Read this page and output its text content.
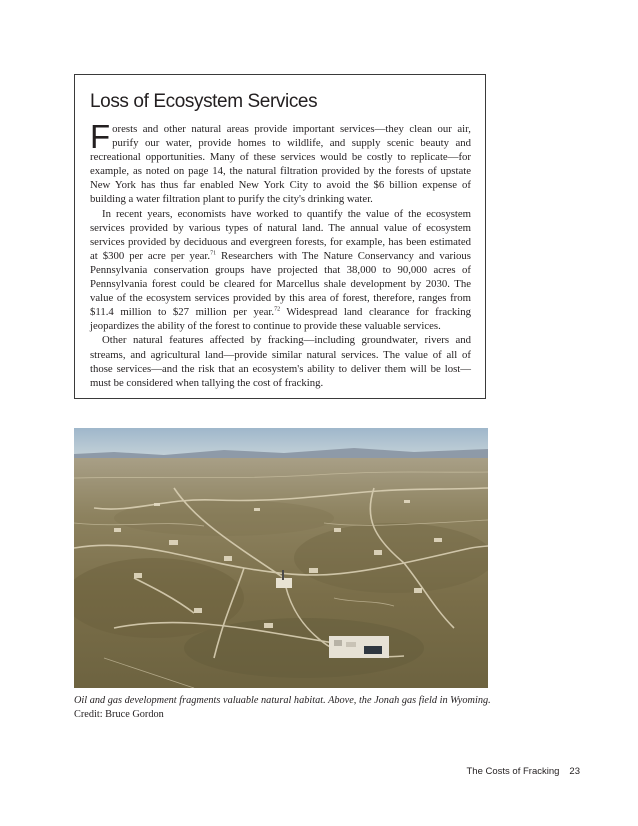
Loss of Ecosystem Services

Forests and other natural areas provide important services—they clean our air, purify our water, provide homes to wildlife, and supply scenic beauty and recreational opportunities. Many of these services would be costly to replicate—for example, as noted on page 14, the natural filtration provided by the forests of upstate New York has thus far enabled New York City to avoid the $6 billion expense of building a water filtration plant to purify the city's drinking water.

In recent years, economists have worked to quantify the value of the ecosystem services provided by various types of natural land. The annual value of ecosystem services provided by deciduous and evergreen forests, for example, has been estimated at $300 per acre per year.$^{71}$ Researchers with The Nature Conservancy and various Pennsylvania conservation groups have projected that 38,000 to 90,000 acres of Pennsylvania forest could be cleared for Marcellus shale development by 2030. The value of the ecosystem services provided by this area of forest, therefore, ranges from $11.4 million to $27 million per year.$^{72}$ Widespread land clearance for fracking jeopardizes the ability of the forest to continue to provide these valuable services.

Other natural features affected by fracking—including groundwater, rivers and streams, and agricultural land—provide similar natural services. The value of all of those services—and the risk that an ecosystem's ability to deliver them will be lost—must be considered when tallying the cost of fracking.

Oil and gas development fragments valuable natural habitat. Above, the Jonah gas field in Wyoming.
Credit: Bruce Gordon
The Costs of Fracking 23
